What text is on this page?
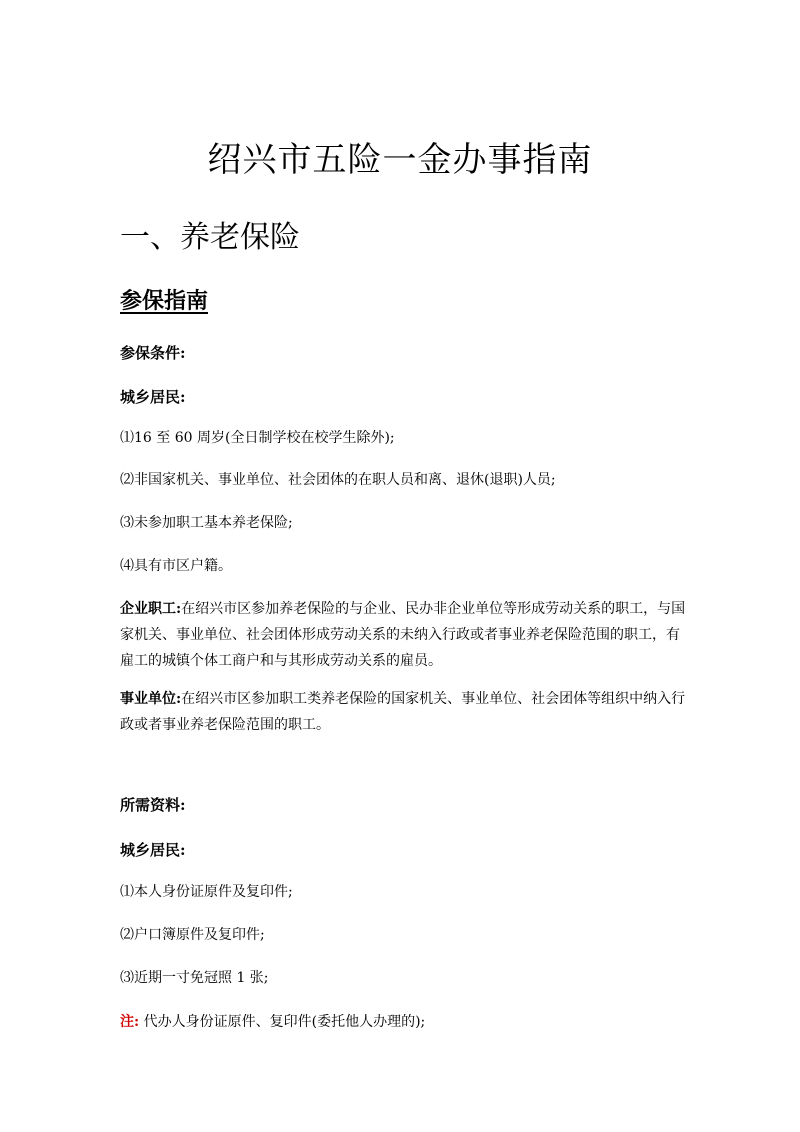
绍兴市五险一金办事指南
一、养老保险
参保指南
参保条件:
城乡居民:
⑴16 至 60 周岁(全日制学校在校学生除外);
⑵非国家机关、事业单位、社会团体的在职人员和离、退休(退职)人员;
⑶未参加职工基本养老保险;
⑷具有市区户籍。
企业职工:在绍兴市区参加养老保险的与企业、民办非企业单位等形成劳动关系的职工，与国家机关、事业单位、社会团体形成劳动关系的未纳入行政或者事业养老保险范围的职工，有雇工的城镇个体工商户和与其形成劳动关系的雇员。
事业单位:在绍兴市区参加职工类养老保险的国家机关、事业单位、社会团体等组织中纳入行政或者事业养老保险范围的职工。
所需资料:
城乡居民:
⑴本人身份证原件及复印件;
⑵户口簿原件及复印件;
⑶近期一寸免冠照 1 张;
注: 代办人身份证原件、复印件(委托他人办理的);
